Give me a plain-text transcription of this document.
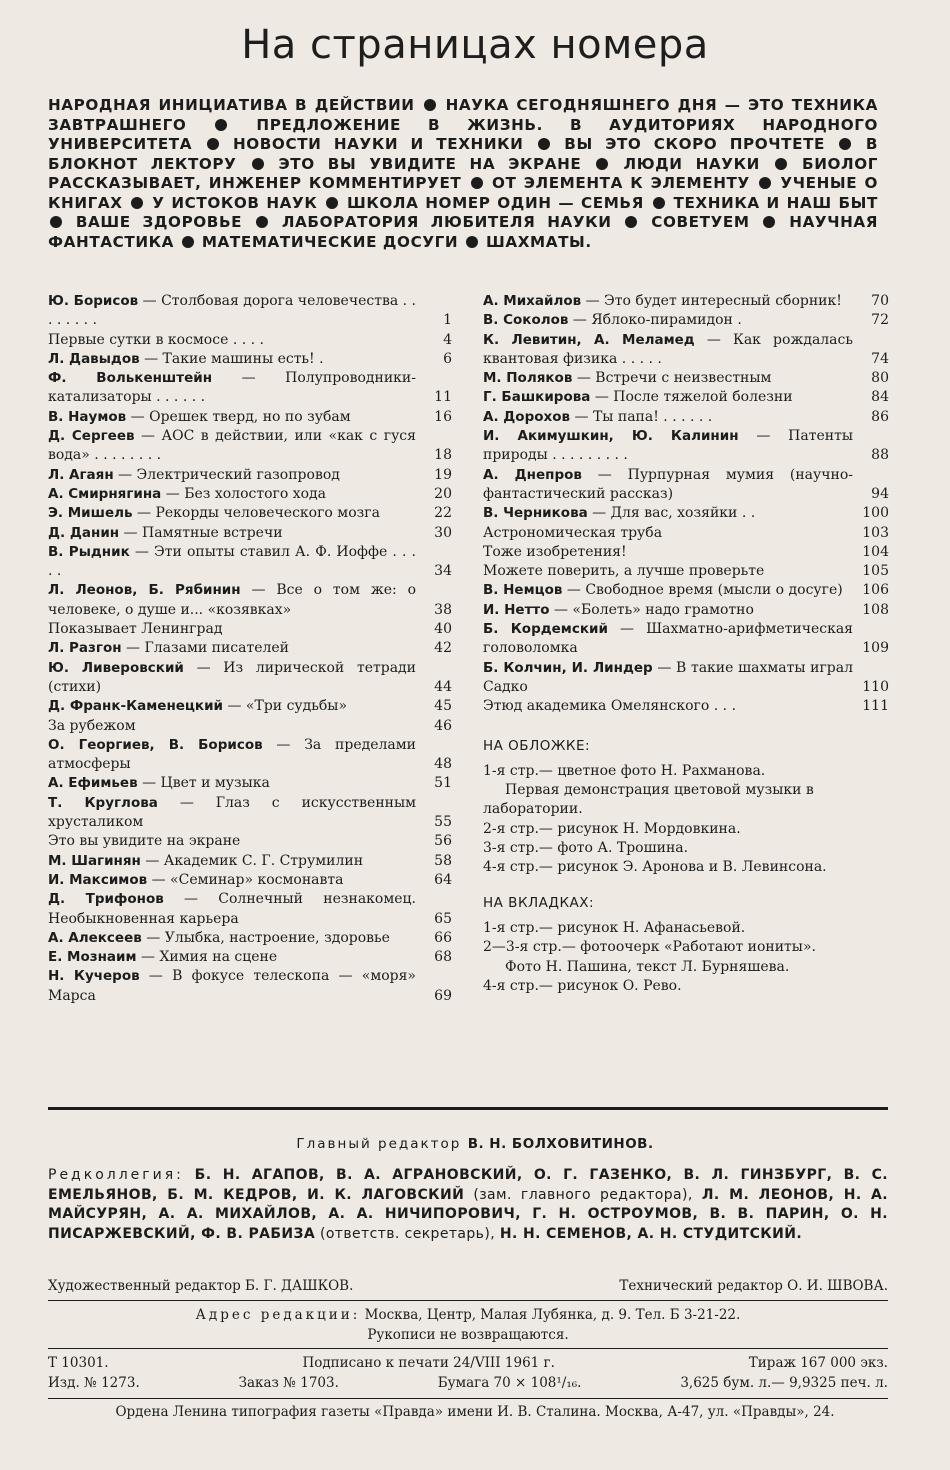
На страницах номера
НАРОДНАЯ ИНИЦИАТИВА В ДЕЙСТВИИ НАУКА СЕГОДНЯШНЕГО ДНЯ — ЭТО ТЕХНИКА ЗАВТРАШНЕГО	ПРЕДЛОЖЕНИЕ В ЖИЗНЬ. В АУДИТОРИЯХ НАРОДНОГО УНИВЕРСИТЕТА	НОВОСТИ НАУКИ И ТЕХНИКИ	ВЫ ЭТО СКОРО ПРОЧТЕТЕ	В БЛОКНОТ ЛЕКТОРУ	ЭТО ВЫ УВИДИТЕ НА ЭКРАНЕ	ЛЮДИ НАУКИ	БИОЛОГ РАССКАЗЫВАЕТ, ИНЖЕНЕР КОММЕНТИРУЕТ ОТ ЭЛЕМЕНТА К ЭЛЕМЕНТУ УЧЕНЫЕ О КНИГАХ У ИСТОКОВ НАУК ШКОЛА НОМЕР ОДИН — СЕМЬЯ ТЕХНИКА И НАШ БЫТ  ВАШЕ ЗДОРОВЬЕ	ЛАБОРАТОРИЯ ЛЮБИТЕЛЯ НАУКИ	СОВЕТУЕМ	НАУЧНАЯ ФАНТАСТИКА МАТЕМАТИЧЕСКИЕ ДОСУГИ ШАХМАТЫ.
Ю. Борисов — Столбовая дорога человечества . . . . . . . .	1
Первые сутки в космосе . . . .	4
Л. Давыдов — Такие машины есть! .	6
Ф. Волькенштейн — Полупроводники-катализаторы . . . . . .	11
В. Наумов — Орешек тверд, но по зубам	16
Д. Сергеев — АОС в действии, или «как с гуся вода» . . . . . . . .	18
Л. Агаян — Электрический газопровод	19
А. Смирнягина — Без холостого хода	20
Э. Мишель — Рекорды человеческого мозга	22
Д. Данин — Памятные встречи	30
В. Рыдник — Эти опыты ставил А. Ф. Иоффе . . . . .	34
Л. Леонов, Б. Рябинин — Все о том же: о человеке, о душе и... «козявках»	38
Показывает Ленинград	40
Л. Разгон — Глазами писателей	42
Ю. Ливеровский — Из лирической тетради (стихи)	44
Д. Франк-Каменецкий — «Три судьбы»	45
За рубежом	46
О. Георгиев, В. Борисов — За пределами атмосферы	48
А. Ефимьев — Цвет и музыка	51
Т. Круглова — Глаз с искусственным хрусталиком	55
Это вы увидите на экране	56
М. Шагинян — Академик С. Г. Струмилин	58
И. Максимов — «Семинар» космонавта	64
Д. Трифонов — Солнечный незнакомец. Необыкновенная карьера	65
А. Алексеев — Улыбка, настроение, здоровье	66
Е. Мознаим — Химия на сцене	68
Н. Кучеров — В фокусе телескопа — «моря» Марса	69
А. Михайлов — Это будет интересный сборник!	70
В. Соколов — Яблоко-пирамидон .	72
К. Левитин, А. Меламед — Как рождалась квантовая физика . . . . .	74
М. Поляков — Встречи с неизвестным	80
Г. Башкирова — После тяжелой болезни	84
А. Дорохов — Ты папа! . . . . . .	86
И. Акимушкин, Ю. Калинин — Патенты природы . . . . . . . . .	88
А. Днепров — Пурпурная мумия (научно-фантастический рассказ)	94
В. Черникова — Для вас, хозяйки . .	100
Астрономическая труба	103
Тоже изобретения!	104
Можете поверить, а лучше проверьте	105
В. Немцов — Свободное время (мысли о досуге)	106
И. Нетто — «Болеть» надо грамотно	108
Б. Кордемский — Шахматно-арифметическая головоломка	109
Б. Колчин, И. Линдер — В такие шахматы играл Садко	110
Этюд академика Омелянского . . .	111
НА ОБЛОЖКЕ:
1-я стр.— цветное фото Н. Рахманова.
Первая демонстрация цветовой музыки в лаборатории.
2-я стр.— рисунок Н. Мордовкина.
3-я стр.— фото А. Трошина.
4-я стр.— рисунок Э. Аронова и В. Левинсона.
НА ВКЛАДКАХ:
1-я стр.— рисунок Н. Афанасьевой.
2—3-я стр.— фотоочерк «Работают иониты».
Фото Н. Пашина, текст Л. Бурняшева.
4-я стр.— рисунок О. Рево.
Главный редактор В. Н. БОЛХОВИТИНОВ.
Редколлегия: Б. Н. АГАПОВ, В. А. АГРАНОВСКИЙ, О. Г. ГАЗЕНКО, В. Л. ГИНЗБУРГ, В. С. ЕМЕЛЬЯНОВ, Б. М. КЕДРОВ, И. К. ЛАГОВСКИЙ (зам. главного редактора), Л. М. ЛЕОНОВ, Н. А. МАЙСУРЯН, А. А. МИХАЙЛОВ, А. А. НИЧИПОРОВИЧ, Г. Н. ОСТРОУМОВ, В. В. ПАРИН, О. Н. ПИСАРЖЕВСКИЙ, Ф. В. РАБИЗА (ответств. секретарь), Н. Н. СЕМЕНОВ, А. Н. СТУДИТСКИЙ.
Художественный редактор Б. Г. ДАШКОВ.	Технический редактор О. И. ШВОВА.
Адрес редакции: Москва, Центр, Малая Лубянка, д. 9. Тел. Б 3-21-22.
Рукописи не возвращаются.
Т 10301.	Подписано к печати 24/VIII 1961 г.	Тираж 167 000 экз.
Изд. № 1273.	Заказ № 1703.	Бумага 70 × 108¹/₁₆.	3,625 бум. л.— 9,9325 печ. л.
Ордена Ленина типография газеты «Правда» имени И. В. Сталина. Москва, А-47, ул. «Правды», 24.
